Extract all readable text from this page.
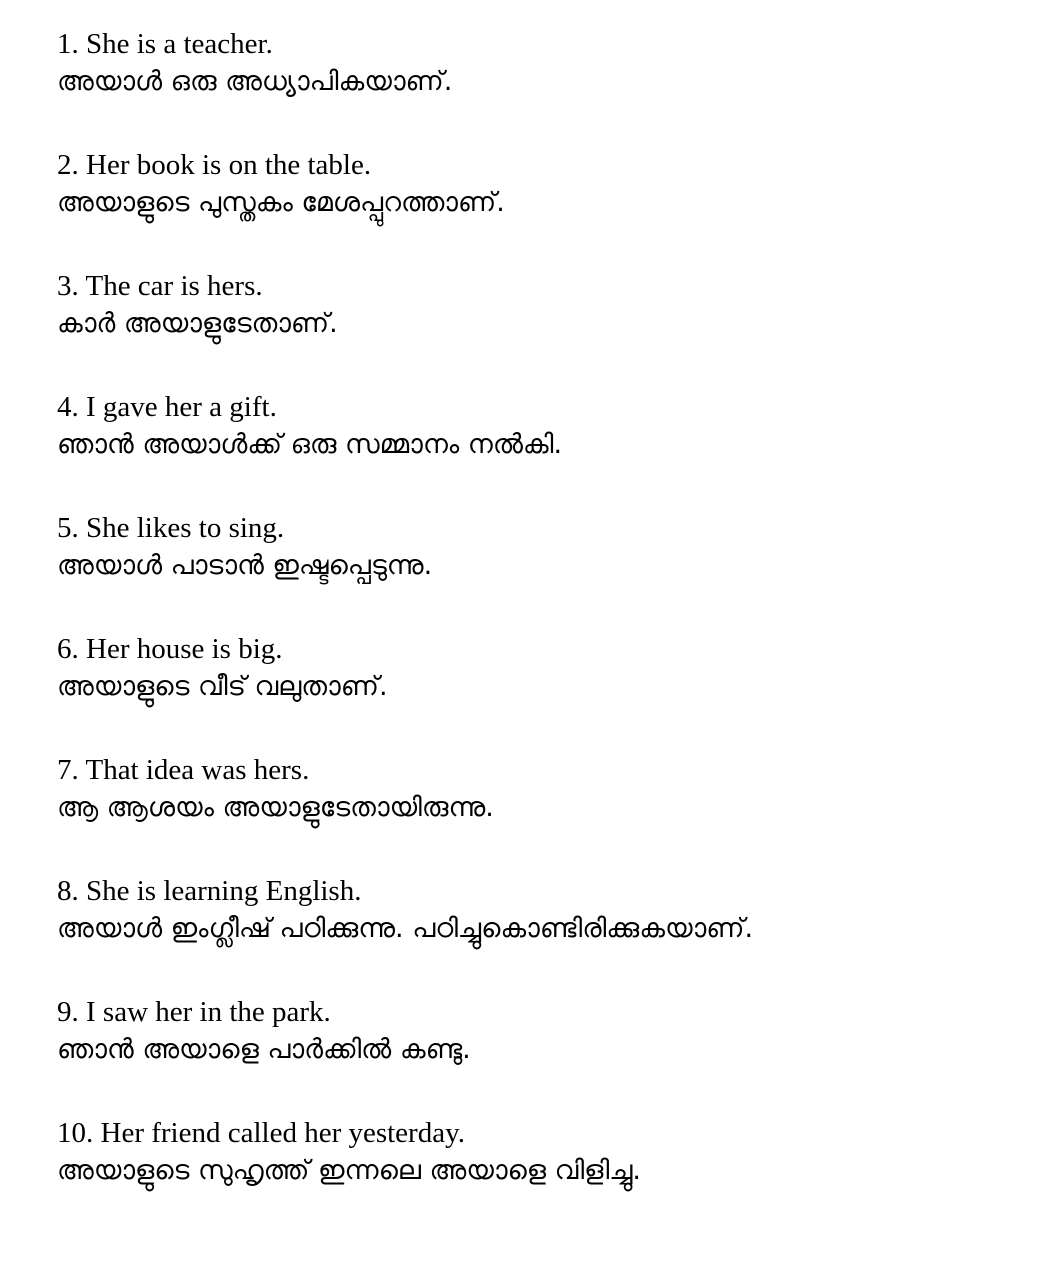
1. She is a teacher.
അയാൾ ഒരു അധ്യാപികയാണ്.
2. Her book is on the table.
അയാളുടെ പുസ്തകം മേശപ്പുറത്താണ്.
3. The car is hers.
കാർ അയാളുടേതാണ്.
4. I gave her a gift.
ഞാൻ അയാൾക്ക് ഒരു സമ്മാനം നൽകി.
5. She likes to sing.
അയാൾ പാടാൻ ഇഷ്ടപ്പെടുന്നു.
6. Her house is big.
അയാളുടെ വീട് വലുതാണ്.
7. That idea was hers.
ആ ആശയം അയാളുടേതായിരുന്നു.
8. She is learning English.
അയാൾ ഇംഗ്ലീഷ് പഠിക്കുന്നു. പഠിച്ചുകൊണ്ടിരിക്കുകയാണ്.
9. I saw her in the park.
ഞാൻ അയാളെ പാർക്കിൽ കണ്ടു.
10. Her friend called her yesterday.
അയാളുടെ സുഹൃത്ത് ഇന്നലെ അയാളെ വിളിച്ചു.
